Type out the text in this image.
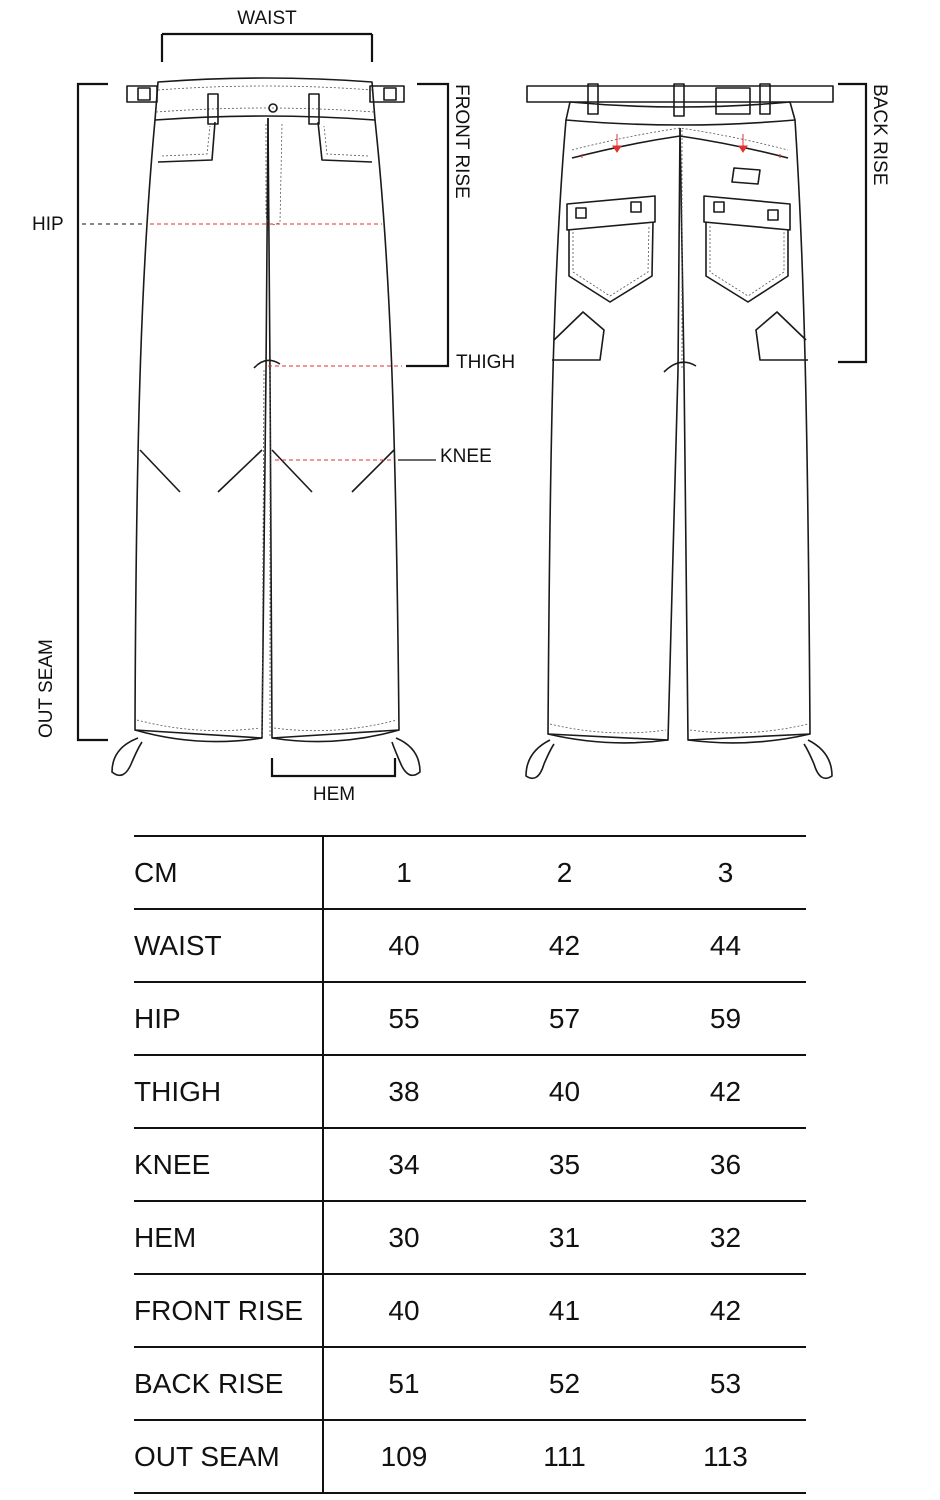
WAIST
HIP
FRONT RISE
THIGH
KNEE
OUT SEAM
HEM
BACK RISE
CM	1	2	3
WAIST	40	42	44
HIP	55	57	59
THIGH	38	40	42
KNEE	34	35	36
HEM	30	31	32
FRONT RISE	40	41	42
BACK RISE	51	52	53
OUT SEAM	109	111	113
